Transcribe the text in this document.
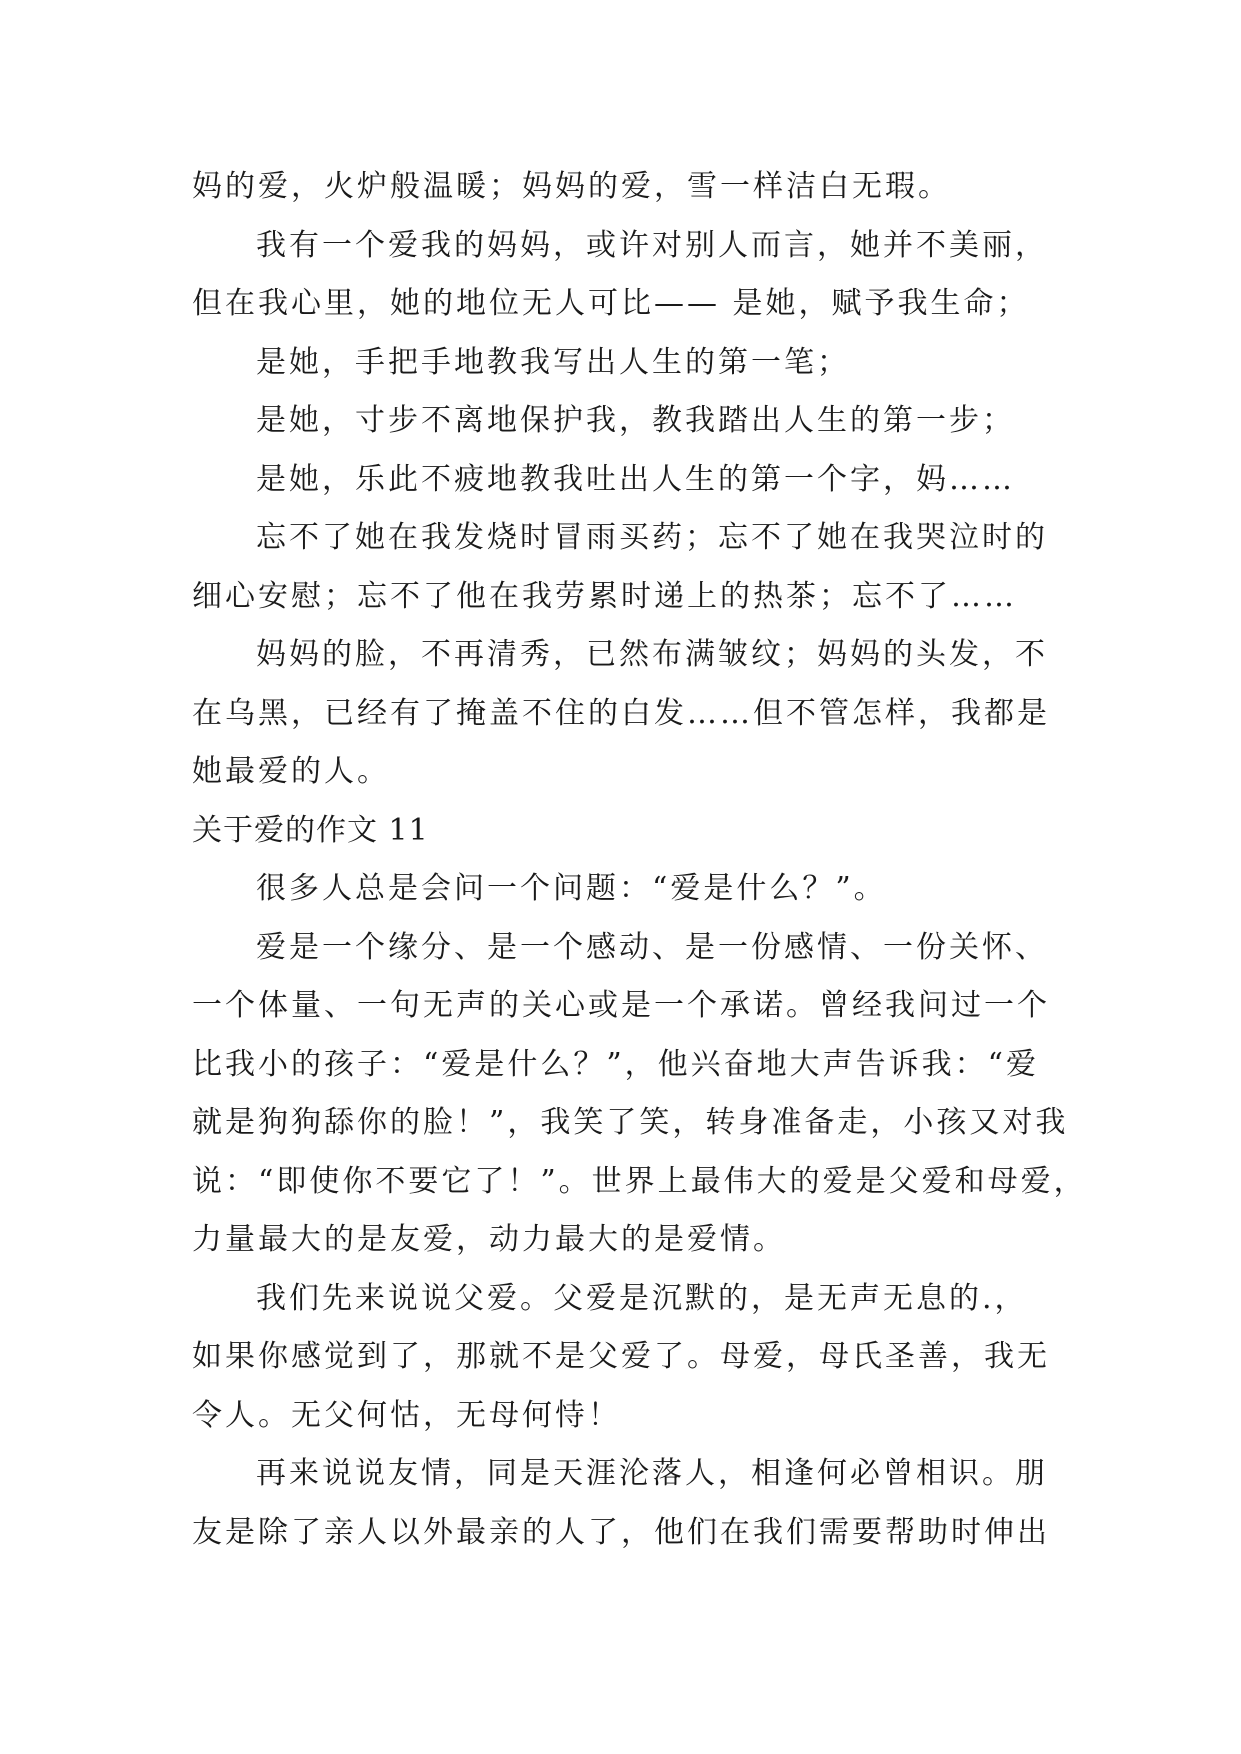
妈的爱，火炉般温暖；妈妈的爱，雪一样洁白无瑕。
我有一个爱我的妈妈，或许对别人而言，她并不美丽，
但在我心里，她的地位无人可比—— 是她，赋予我生命；
是她，手把手地教我写出人生的第一笔；
是她，寸步不离地保护我，教我踏出人生的第一步；
是她，乐此不疲地教我吐出人生的第一个字，妈……
忘不了她在我发烧时冒雨买药；忘不了她在我哭泣时的
细心安慰；忘不了他在我劳累时递上的热茶；忘不了……
妈妈的脸，不再清秀，已然布满皱纹；妈妈的头发，不
在乌黑，已经有了掩盖不住的白发……但不管怎样，我都是
她最爱的人。
关于爱的作文 11
很多人总是会问一个问题：“爱是什么？”。
爱是一个缘分、是一个感动、是一份感情、一份关怀、
一个体量、一句无声的关心或是一个承诺。曾经我问过一个
比我小的孩子：“爱是什么？”，他兴奋地大声告诉我：“爱
就是狗狗舔你的脸！”，我笑了笑，转身准备走，小孩又对我
说：“即使你不要它了！”。世界上最伟大的爱是父爱和母爱，
力量最大的是友爱，动力最大的是爱情。
我们先来说说父爱。父爱是沉默的，是无声无息的.，
如果你感觉到了，那就不是父爱了。母爱，母氏圣善，我无
令人。无父何怙，无母何恃！
再来说说友情，同是天涯沦落人，相逢何必曾相识。朋
友是除了亲人以外最亲的人了，他们在我们需要帮助时伸出
